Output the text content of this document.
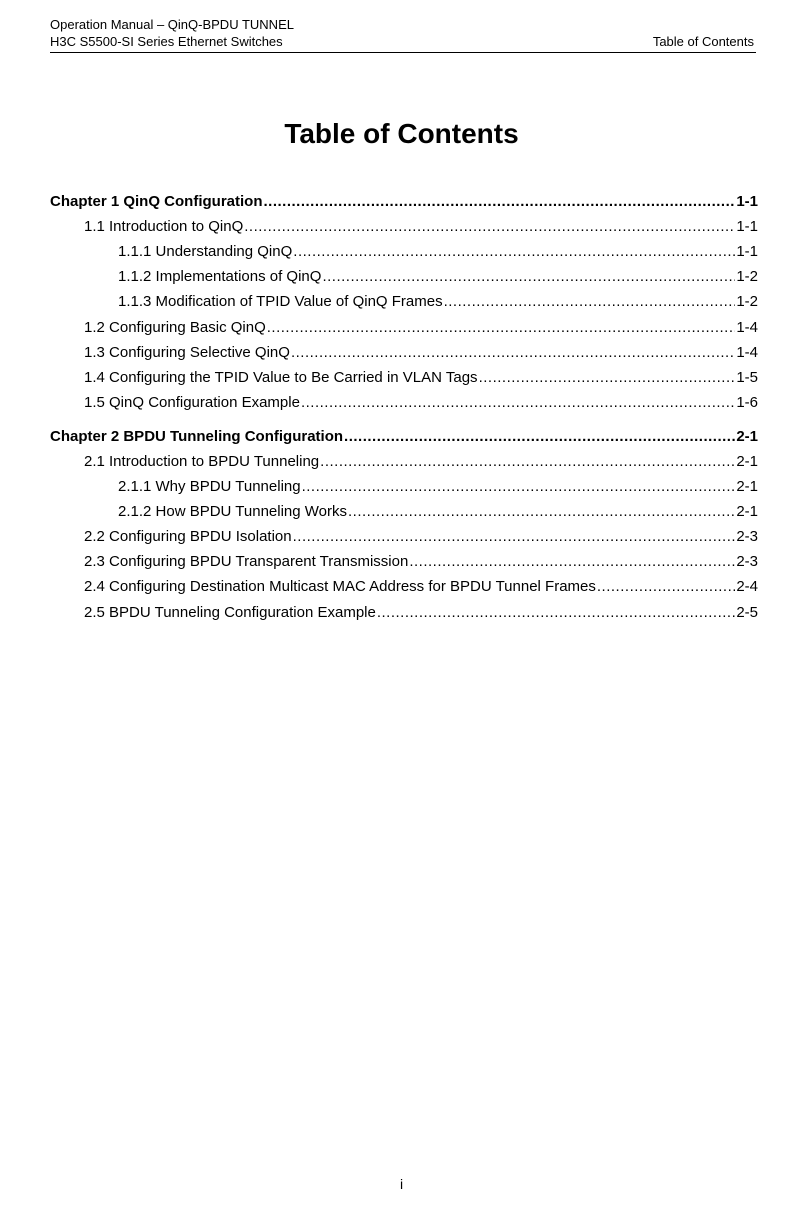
Operation Manual – QinQ-BPDU TUNNEL
H3C S5500-SI Series Ethernet Switches	Table of Contents
Table of Contents
Chapter 1 QinQ Configuration .....	1-1
1.1 Introduction to QinQ .....	1-1
1.1.1 Understanding QinQ .....	1-1
1.1.2 Implementations of QinQ .....	1-2
1.1.3 Modification of TPID Value of QinQ Frames .....	1-2
1.2 Configuring Basic QinQ .....	1-4
1.3 Configuring Selective QinQ .....	1-4
1.4 Configuring the TPID Value to Be Carried in VLAN Tags .....	1-5
1.5 QinQ Configuration Example .....	1-6
Chapter 2 BPDU Tunneling Configuration .....	2-1
2.1 Introduction to BPDU Tunneling .....	2-1
2.1.1 Why BPDU Tunneling .....	2-1
2.1.2 How BPDU Tunneling Works .....	2-1
2.2 Configuring BPDU Isolation .....	2-3
2.3 Configuring BPDU Transparent Transmission .....	2-3
2.4 Configuring Destination Multicast MAC Address for BPDU Tunnel Frames .....	2-4
2.5 BPDU Tunneling Configuration Example .....	2-5
i
